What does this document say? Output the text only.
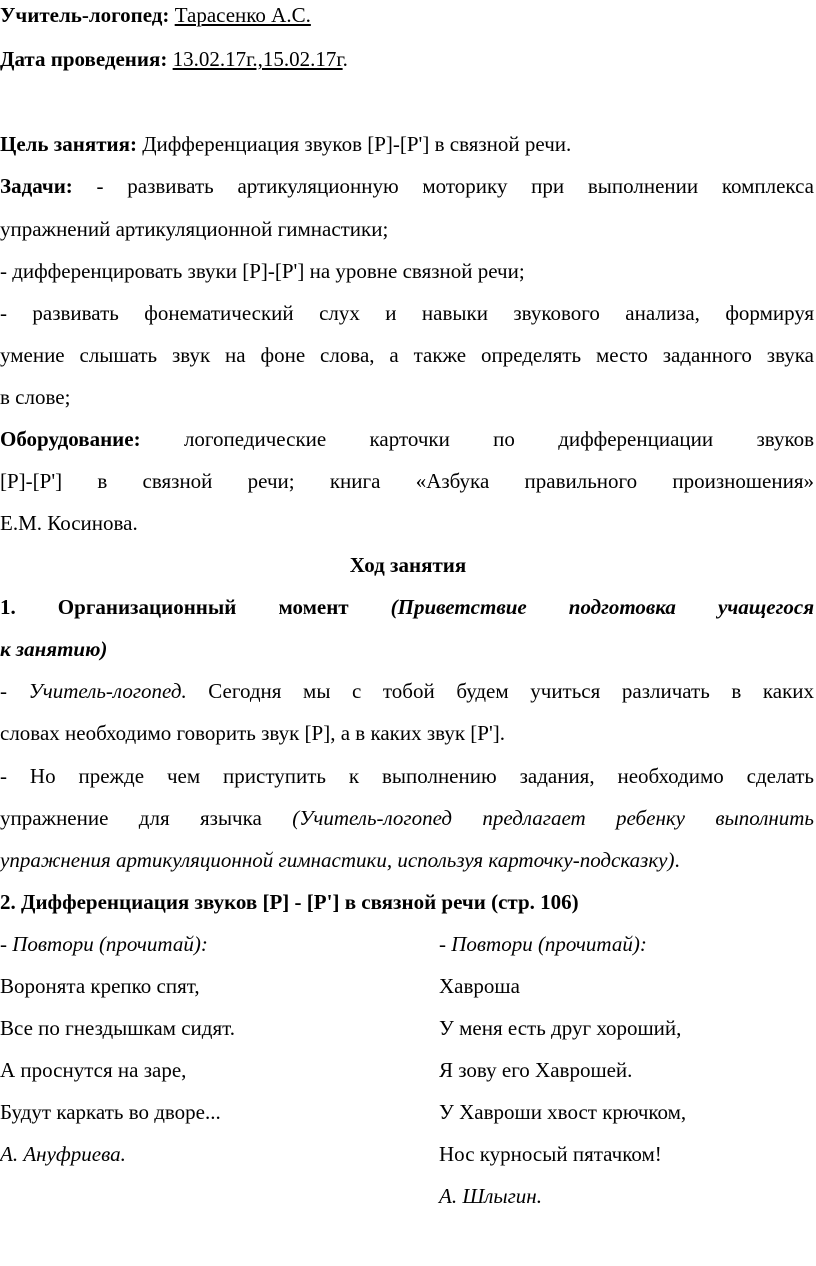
Учитель-логопед: Тарасенко А.С.
Дата проведения: 13.02.17г.,15.02.17г.
Цель занятия: Дифференциация звуков [Р]-[Р'] в связной речи.
Задачи: - развивать артикуляционную моторику при выполнении комплекса
упражнений артикуляционной гимнастики;
- дифференцировать звуки [Р]-[Р'] на уровне связной речи;
- развивать фонематический слух и навыки звукового анализа, формируя
умение слышать звук на фоне слова, а также определять место заданного звука
в слове;
Оборудование: логопедические карточки по дифференциации звуков
[Р]-[Р'] в связной речи; книга «Азбука правильного произношения»
Е.М. Косинова.
Ход занятия
1. Организационный момент (Приветствие подготовка учащегося
к занятию)
- Учитель-логопед. Сегодня мы с тобой будем учиться различать в каких
словах необходимо говорить звук [Р], а в каких звук [Р'].
- Но прежде чем приступить к выполнению задания, необходимо сделать
упражнение для язычка (Учитель-логопед предлагает ребенку выполнить
упражнения артикуляционной гимнастики, используя карточку-подсказку).
2. Дифференциация звуков [Р] - [Р'] в связной речи (стр. 106)
- Повтори (прочитай):
Воронята крепко спят,
Все по гнездышкам сидят.
А проснутся на заре,
Будут каркать во дворе...
А. Ануфриева.
- Повтори (прочитай):
Хавроша
У меня есть друг хороший,
Я зову его Хаврошей.
У Хавроши хвост крючком,
Нос курносый пятачком!
А. Шлыгин.
